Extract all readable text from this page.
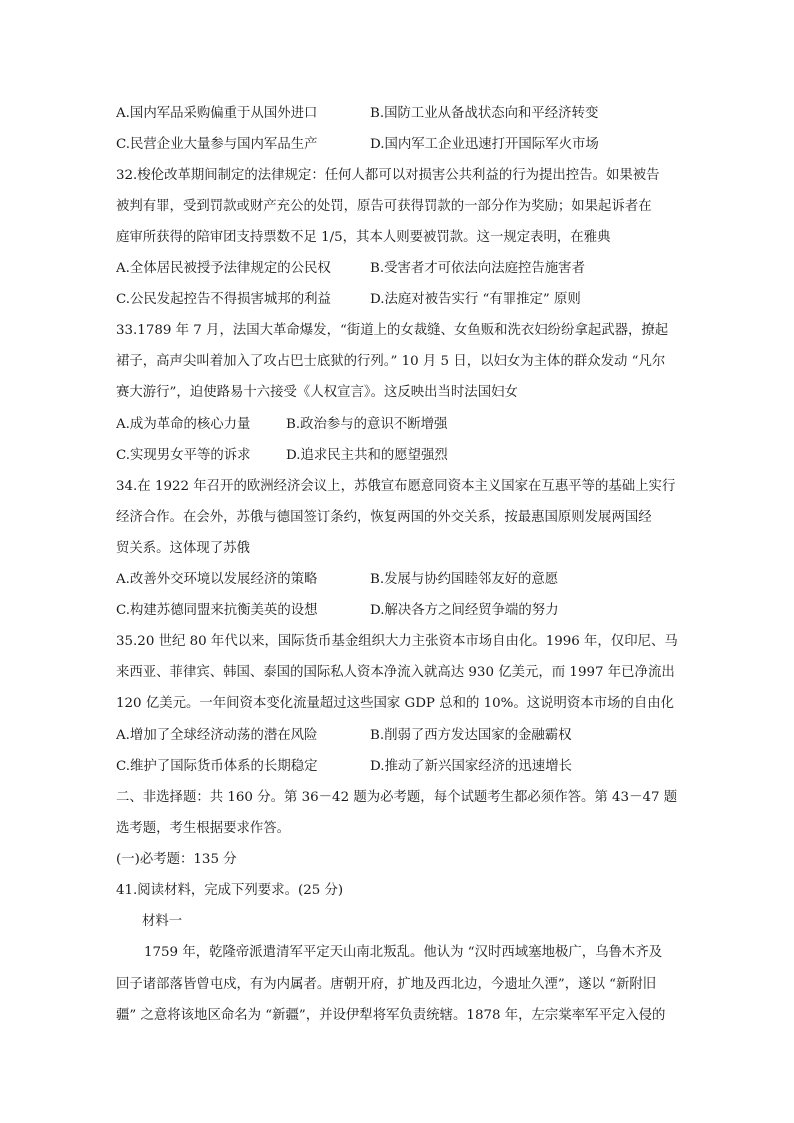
A.国内军品采购偏重于从国外进口	B.国防工业从备战状态向和平经济转变
C.民营企业大量参与国内军品生产	D.国内军工企业迅速打开国际军火市场
32.梭伦改革期间制定的法律规定：任何人都可以对损害公共利益的行为提出控告。如果被告
被判有罪，受到罚款或财产充公的处罚，原告可获得罚款的一部分作为奖励；如果起诉者在
庭审所获得的陪审团支持票数不足 1/5，其本人则要被罚款。这一规定表明，在雅典
A.全体居民被授予法律规定的公民权	B.受害者才可依法向法庭控告施害者
C.公民发起控告不得损害城邦的利益	D.法庭对被告实行 “有罪推定” 原则
33.1789 年 7 月，法国大革命爆发，“街道上的女裁缝、女鱼贩和洗衣妇纷纷拿起武器，撩起
裙子，高声尖叫着加入了攻占巴士底狱的行列。” 10 月 5 日，以妇女为主体的群众发动 “凡尔
赛大游行”，迫使路易十六接受《人权宣言》。这反映出当时法国妇女
A.成为革命的核心力量	B.政治参与的意识不断增强
C.实现男女平等的诉求	D.追求民主共和的愿望强烈
34.在 1922 年召开的欧洲经济会议上，苏俄宣布愿意同资本主义国家在互惠平等的基础上实行
经济合作。在会外，苏俄与德国签订条约，恢复两国的外交关系，按最惠国原则发展两国经
贸关系。这体现了苏俄
A.改善外交环境以发展经济的策略	B.发展与协约国睦邻友好的意愿
C.构建苏德同盟来抗衡美英的设想	D.解决各方之间经贸争端的努力
35.20 世纪 80 年代以来，国际货币基金组织大力主张资本市场自由化。1996 年，仅印尼、马
来西亚、菲律宾、韩国、泰国的国际私人资本净流入就高达 930 亿美元，而 1997 年已净流出
120 亿美元。一年间资本变化流量超过这些国家 GDP 总和的 10%。这说明资本市场的自由化
A.增加了全球经济动荡的潜在风险	B.削弱了西方发达国家的金融霸权
C.维护了国际货币体系的长期稳定	D.推动了新兴国家经济的迅速增长
二、非选择题：共 160 分。第 36－42 题为必考题，每个试题考生都必须作答。第 43－47 题
选考题，考生根据要求作答。
(一)必考题：135 分
41.阅读材料，完成下列要求。(25 分)
材料一
1759 年，乾隆帝派遣清军平定天山南北叛乱。他认为 “汉时西域塞地极广，乌鲁木齐及
回子诸部落皆曾屯戍，有为内属者。唐朝开府，扩地及西北边，今遗址久湮”，遂以 “新附旧
疆” 之意将该地区命名为 “新疆”，并设伊犁将军负责统辖。1878 年，左宗棠率军平定入侵的
